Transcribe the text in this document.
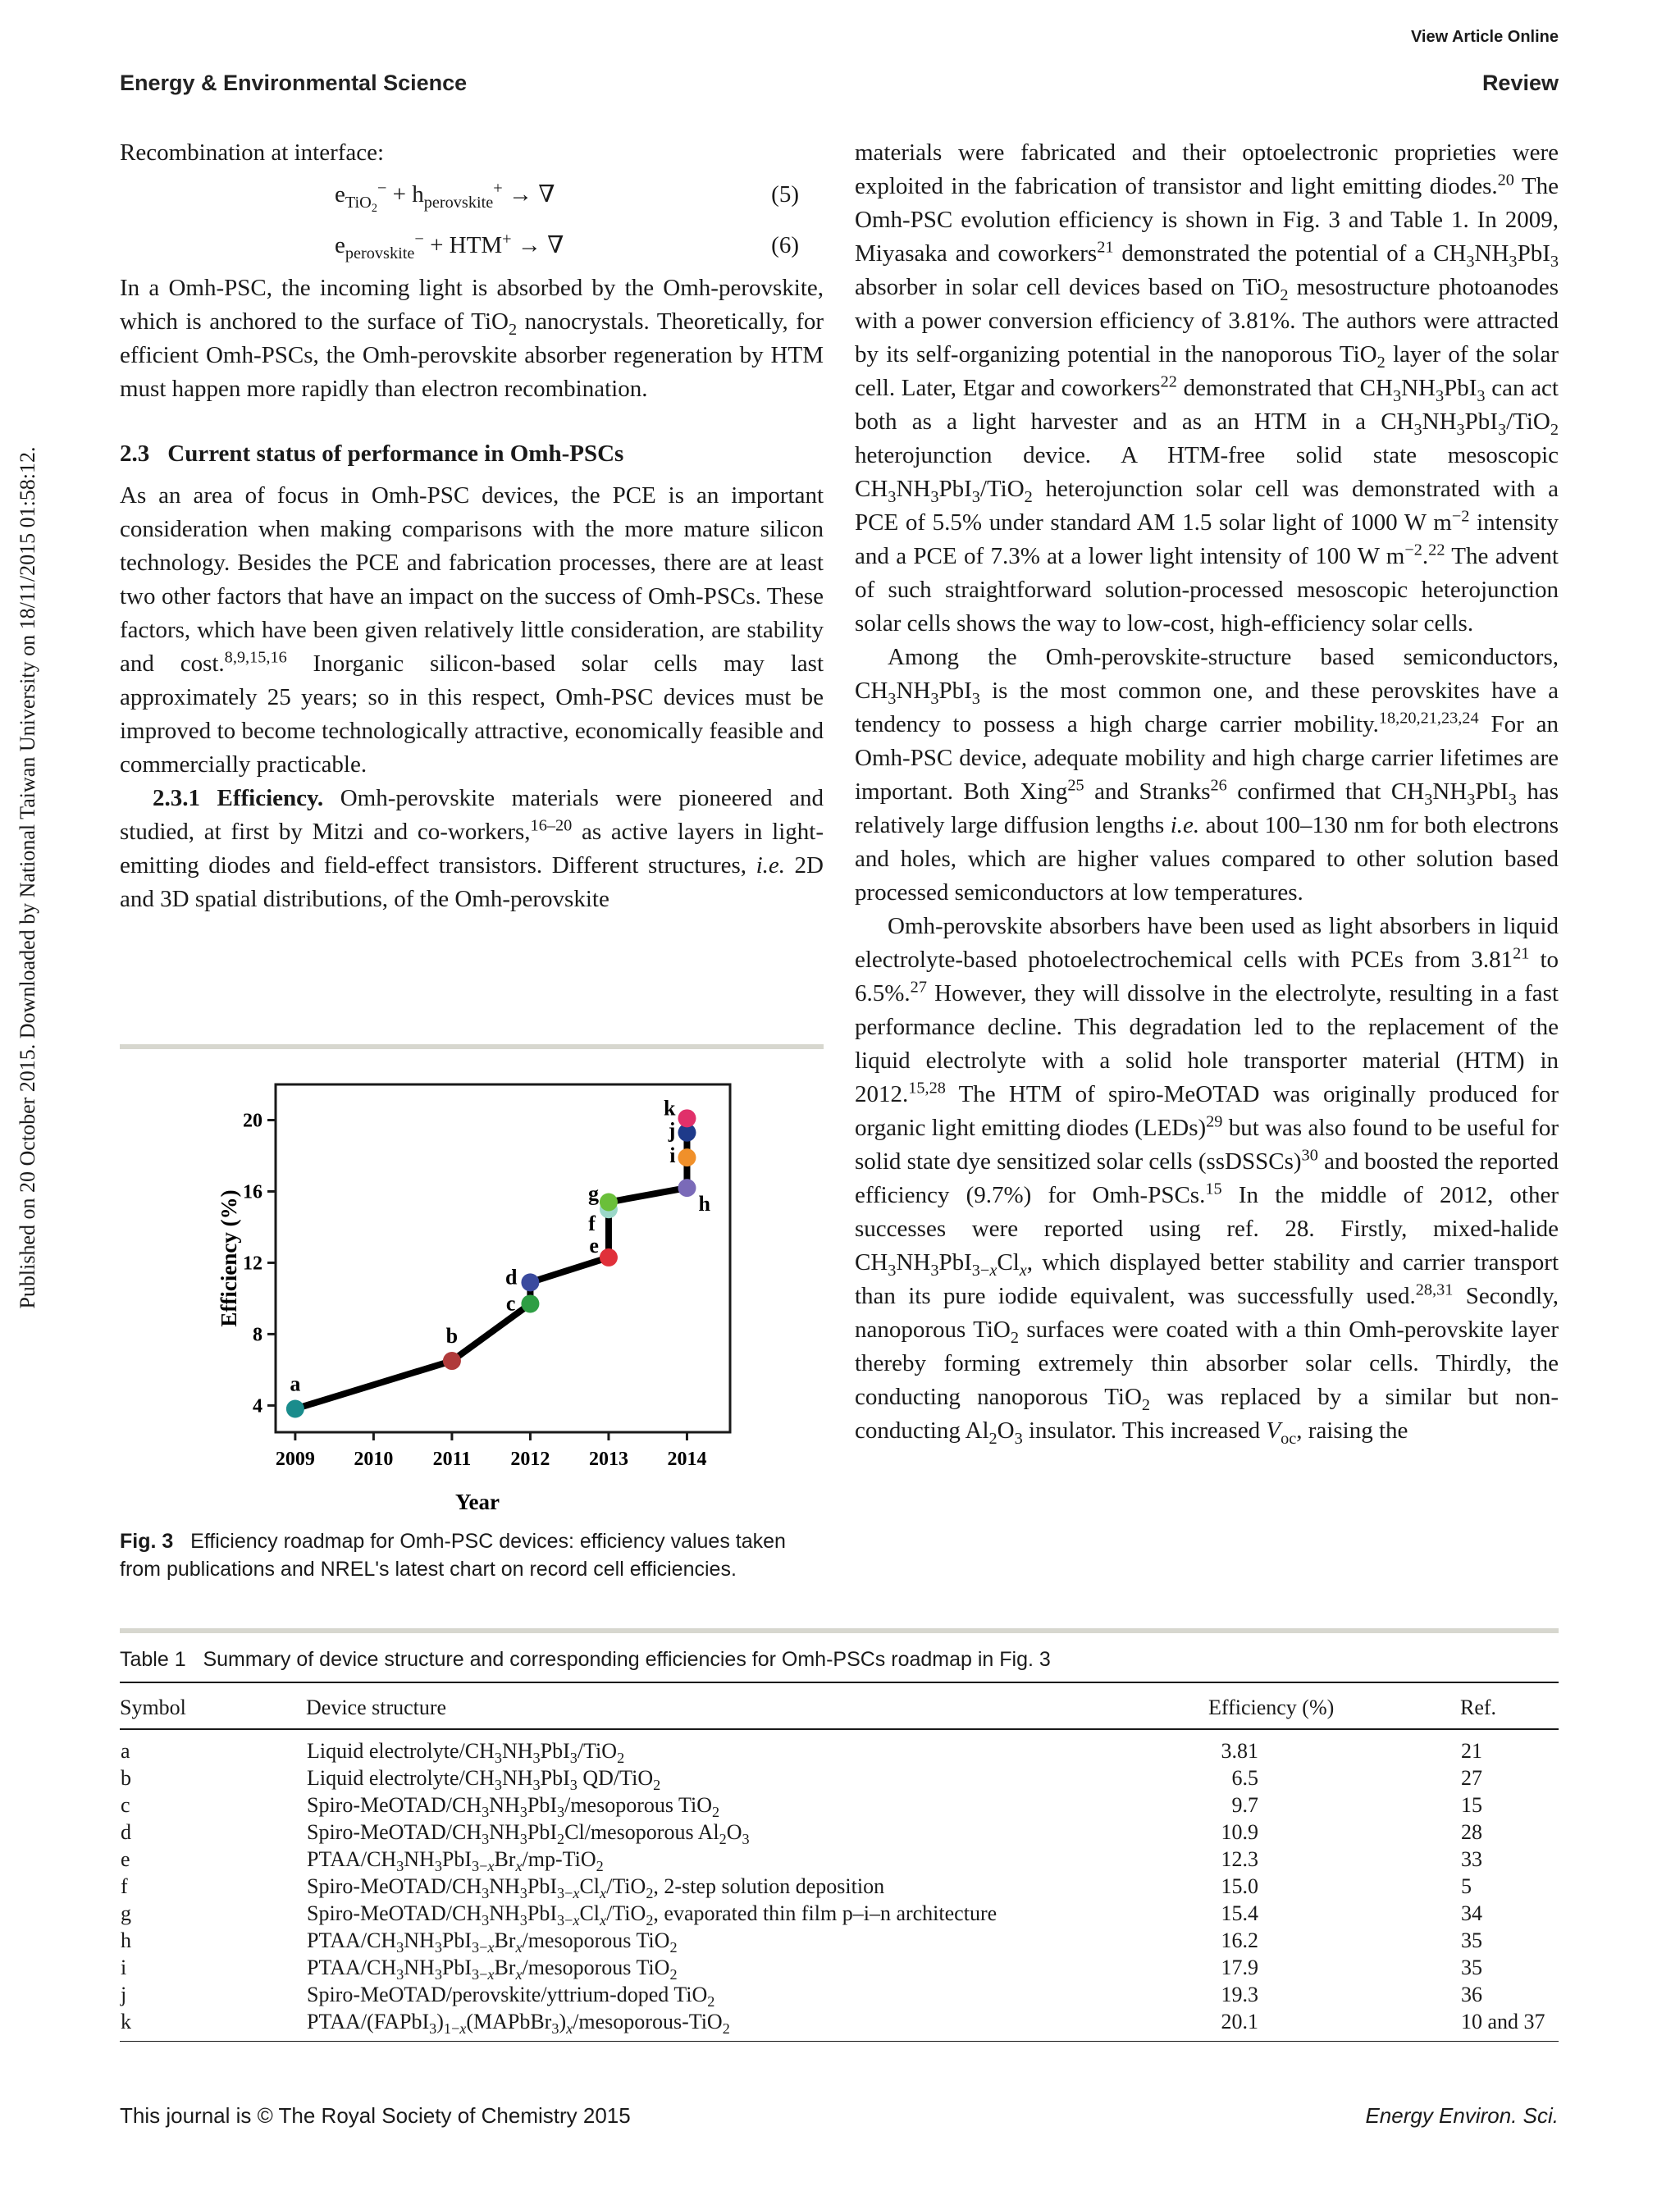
View Article Online
Energy & Environmental Science	Review
Published on 20 October 2015. Downloaded by National Taiwan University on 18/11/2015 01:58:12.

Recombination at interface:

$e_{TiO_2}^- + h_{perovskite}^+$ → ∇	(5)
$e_{perovskite}^- + HTM^+$ → ∇	(6)

In a Omh-PSC, the incoming light is absorbed by the Omh-perovskite, which is anchored to the surface of TiO$_2$ nanocrystals. Theoretically, for efficient Omh-PSCs, the Omh-perovskite absorber regeneration by HTM must happen more rapidly than electron recombination.

2.3 Current status of performance in Omh-PSCs

As an area of focus in Omh-PSC devices, the PCE is an important consideration when making comparisons with the more mature silicon technology. Besides the PCE and fabrication processes, there are at least two other factors that have an impact on the success of Omh-PSCs. These factors, which have been given relatively little consideration, are stability and cost.$^{8,9,15,16}$ Inorganic silicon-based solar cells may last approximately 25 years; so in this respect, Omh-PSC devices must be improved to become technologically attractive, economically feasible and commercially practicable.

2.3.1 Efficiency. Omh-perovskite materials were pioneered and studied, at first by Mitzi and co-workers,$^{16-20}$ as active layers in light-emitting diodes and field-effect transistors. Different structures, i.e. 2D and 3D spatial distributions, of the Omh-perovskite

4
8
12
16
20
2009 2010 2011 2012 2013 2014
a
b
c
d
e
f
g	h
i
j
k
Efficiency (%)
Year
Fig. 3 Efficiency roadmap for Omh-PSC devices: efficiency values taken from publications and NREL's latest chart on record cell efficiencies.

materials were fabricated and their optoelectronic proprieties were exploited in the fabrication of transistor and light emitting diodes.$^{20}$ The Omh-PSC evolution efficiency is shown in Fig. 3 and Table 1. In 2009, Miyasaka and coworkers$^{21}$ demonstrated the potential of a $CH_3NH_3PbI_3$ absorber in solar cell devices based on TiO$_2$ mesostructure photoanodes with a power conversion efficiency of 3.81%. The authors were attracted by its self-organizing potential in the nanoporous TiO$_2$ layer of the solar cell. Later, Etgar and coworkers$^{22}$ demonstrated that $CH_3NH_3PbI_3$ can act both as a light harvester and as an HTM in a $CH_3NH_3PbI_3/TiO_2$ heterojunction device. A HTM-free solid state mesoscopic $CH_3NH_3PbI_3/TiO_2$ heterojunction solar cell was demonstrated with a PCE of 5.5% under standard AM 1.5 solar light of 1000 W $m^{-2}$ intensity and a PCE of 7.3% at a lower light intensity of 100 W $m^{-2}.^{22}$ The advent of such straightforward solution-processed mesoscopic heterojunction solar cells shows the way to low-cost, high-efficiency solar cells.

Among the Omh-perovskite-structure based semiconductors, $CH_3NH_3PbI_3$ is the most common one, and these perovskites have a tendency to possess a high charge carrier mobility.$^{18,20,21,23,24}$ For an Omh-PSC device, adequate mobility and high charge carrier lifetimes are important. Both Xing$^{25}$ and Stranks$^{26}$ confirmed that $CH_3NH_3PbI_3$ has relatively large diffusion lengths i.e. about 100–130 nm for both electrons and holes, which are higher values compared to other solution based processed semiconductors at low temperatures.

Omh-perovskite absorbers have been used as light absorbers in liquid electrolyte-based photoelectrochemical cells with PCEs from 3.81$^{21}$ to 6.5%.$^{27}$ However, they will dissolve in the electrolyte, resulting in a fast performance decline. This degradation led to the replacement of the liquid electrolyte with a solid hole transporter material (HTM) in 2012.$^{15,28}$ The HTM of spiro-MeOTAD was originally produced for organic light emitting diodes (LEDs)$^{29}$ but was also found to be useful for solid state dye sensitized solar cells (ssDSSCs)$^{30}$ and boosted the reported efficiency (9.7%) for Omh-PSCs.$^{15}$ In the middle of 2012, other successes were reported using ref. 28. Firstly, mixed-halide $CH_3NH_3PbI_{3-x}Cl_x$, which displayed better stability and carrier transport than its pure iodide equivalent, was successfully used.$^{28,31}$ Secondly, nanoporous TiO$_2$ surfaces were coated with a thin Omh-perovskite layer thereby forming extremely thin absorber solar cells. Thirdly, the conducting nanoporous TiO$_2$ was replaced by a similar but non-conducting $Al_2O_3$ insulator. This increased $V_{oc}$, raising the

Table 1 Summary of device structure and corresponding efficiencies for Omh-PSCs roadmap in Fig. 3
Symbol	Device structure	Efficiency (%)	Ref.
a	Liquid electrolyte/$CH_3NH_3PbI_3/TiO_2$	3.81	21
b	Liquid electrolyte/$CH_3NH_3PbI_3$ QD/TiO$_2$	6.5	27
c	Spiro-$MeOTAD/CH_3NH_3PbI_3$/mesoporous TiO$_2$	9.7	15
d	Spiro-$MeOTAD/CH_3NH_3PbI_2Cl$/mesoporous $Al_2O_3$	10.9	28
e	PTAA/$CH_3NH_3PbI_{3-x}Br_x/mp-TiO_2$	12.3	33
f	Spiro-$MeOTAD/CH_3NH_3PbI_{3-x}Cl_x/TiO_2$, 2-step solution deposition	15.0	5
g	Spiro-$MeOTAD/CH_3NH_3PbI_{3-x}Cl_x/TiO_2$, evaporated thin film p–i–n architecture	15.4	34
h	PTAA/$CH_3NH_3PbI_{3-x}Br_x$/mesoporous TiO$_2$	16.2	35
i	PTAA/$CH_3NH_3PbI_{3-x}Br_x$/mesoporous TiO$_2$	17.9	35
j	Spiro-MeOTAD/perovskite/yttrium-doped TiO$_2$	19.3	36
k	PTAA/$(FAPbI_3)_{1-x}(MAPbBr_3)_x/mesoporous-TiO_2$	20.1	10 and 37
This journal is © The Royal Society of Chemistry 2015	Energy Environ. Sci.
